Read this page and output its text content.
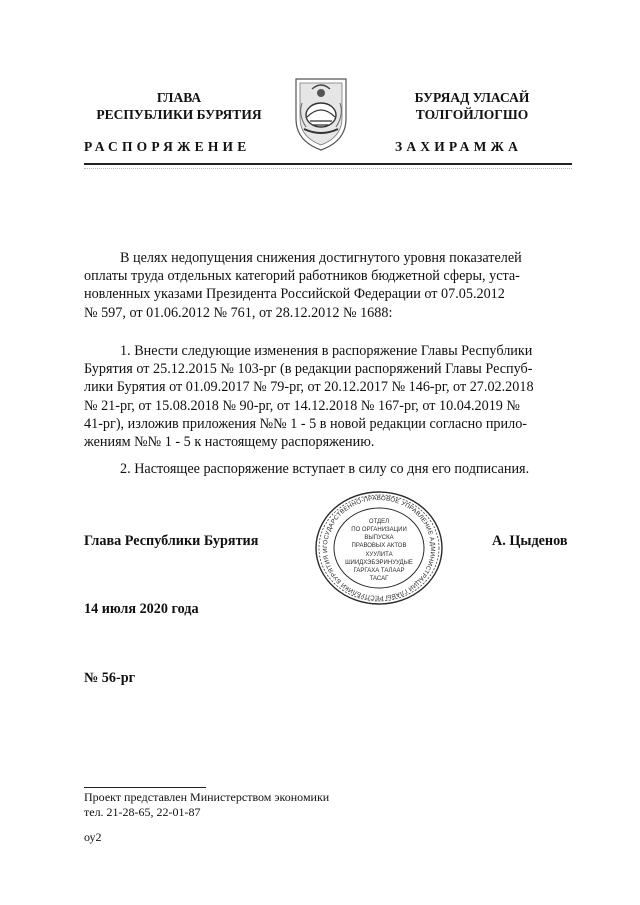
ГЛАВА
РЕСПУБЛИКИ БУРЯТИЯ
БУРЯАД УЛАСАЙ
ТОЛГОЙЛОГШО
РАСПОРЯЖЕНИЕ	ЗАХИРАМЖА
В целях недопущения снижения достигнутого уровня показателей
оплаты труда отдельных категорий работников бюджетной сферы, уста-
новленных указами Президента Российской Федерации от 07.05.2012
№ 597, от 01.06.2012 № 761, от 28.12.2012 № 1688:
1. Внести следующие изменения в распоряжение Главы Республики
Бурятия от 25.12.2015 № 103-рг (в редакции распоряжений Главы Респуб-
лики Бурятия от 01.09.2017 № 79-рг, от 20.12.2017 № 146-рг, от 27.02.2018
№ 21-рг, от 15.08.2018 № 90-рг, от 14.12.2018 № 167-рг, от 10.04.2019 №
41-рг), изложив приложения №№ 1 - 5 в новой редакции согласно прило-
жениям №№ 1 - 5 к настоящему распоряжению.
2. Настоящее распоряжение вступает в силу со дня его подписания.
Глава Республики Бурятия	А. Цыденов
ГОСУДАРСТВЕННО-ПРАВОВОЕ УПРАВЛЕНИЕ АДМИНИСТРАЦИИ ГЛАВЫ РЕСПУБЛИКИ БУРЯТИЯ И
ОТДЕЛ
ПО ОРГАНИЗАЦИИ
ВЫПУСКА
ПРАВОВЫХ АКТОВ
ХУУЛИТА
ШИИДХЭБЭРИНУУДЫЕ
ГАРГАХА ТАЛААР
ТАСАГ
14 июля 2020 года
№ 56-рг
Проект представлен Министерством экономики
тел. 21-28-65, 22-01-87
оу2
